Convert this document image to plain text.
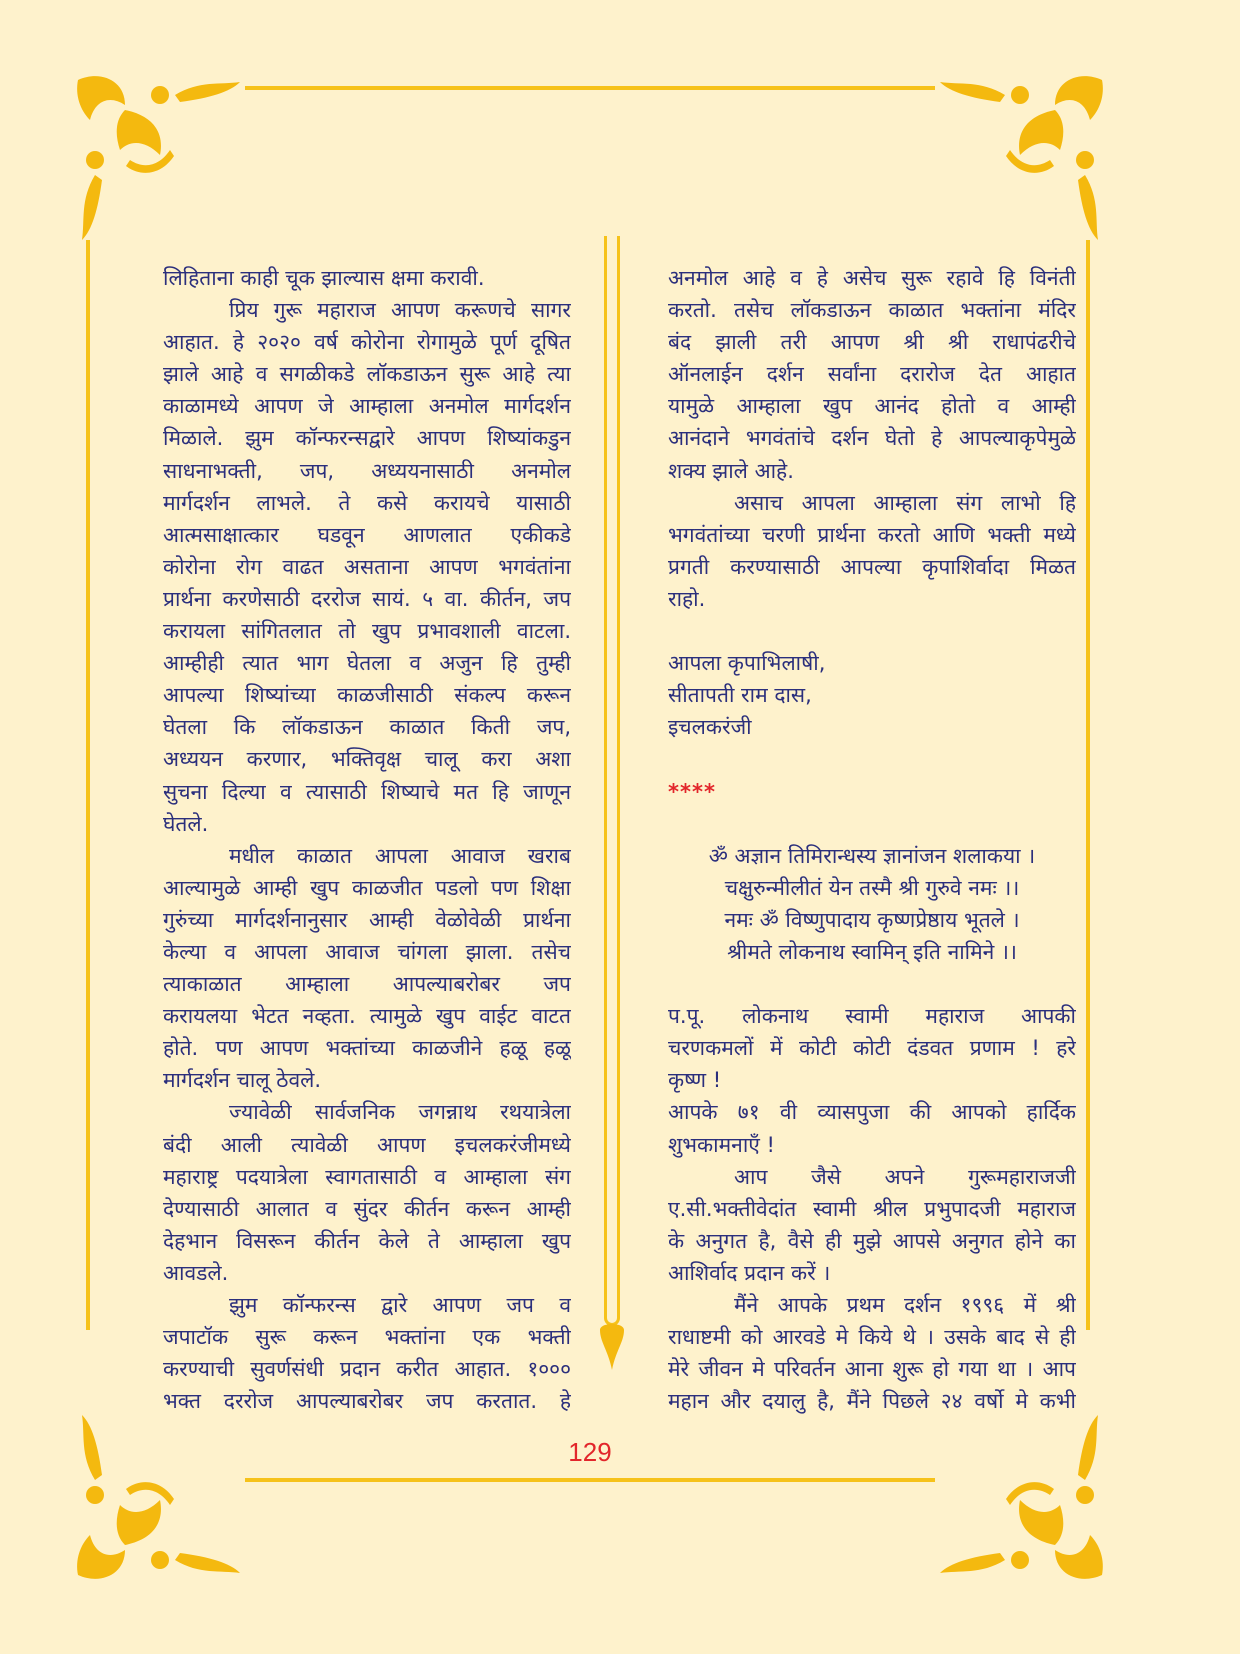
लिहिताना काही चूक झाल्यास क्षमा करावी.
प्रिय गुरू महाराज आपण करूणचे सागर
आहात. हे २०२० वर्ष कोरोना रोगामुळे पूर्ण दूषित
झाले आहे व सगळीकडे लॉकडाऊन सुरू आहे त्या
काळामध्ये आपण जे आम्हाला अनमोल मार्गदर्शन
मिळाले. झुम कॉन्फरन्सद्वारे आपण शिष्यांकडुन
साधनाभक्ती, जप, अध्ययनासाठी अनमोल
मार्गदर्शन लाभले. ते कसे करायचे यासाठी
आत्मसाक्षात्कार घडवून आणलात एकीकडे
कोरोना रोग वाढत असताना आपण भगवंतांना
प्रार्थना करणेसाठी दररोज सायं. ५ वा. कीर्तन, जप
करायला सांगितलात तो खुप प्रभावशाली वाटला.
आम्हीही त्यात भाग घेतला व अजुन हि तुम्ही
आपल्या शिष्यांच्या काळजीसाठी संकल्प करून
घेतला कि लॉकडाऊन काळात किती जप,
अध्ययन करणार, भक्तिवृक्ष चालू करा अशा
सुचना दिल्या व त्यासाठी शिष्याचे मत हि जाणून
घेतले.
मधील काळात आपला आवाज खराब
आल्यामुळे आम्ही खुप काळजीत पडलो पण शिक्षा
गुरुंच्या मार्गदर्शनानुसार आम्ही वेळोवेळी प्रार्थना
केल्या व आपला आवाज चांगला झाला. तसेच
त्याकाळात आम्हाला आपल्याबरोबर जप
करायलया भेटत नव्हता. त्यामुळे खुप वाईट वाटत
होते. पण आपण भक्तांच्या काळजीने हळू हळू
मार्गदर्शन चालू ठेवले.
ज्यावेळी सार्वजनिक जगन्नाथ रथयात्रेला
बंदी आली त्यावेळी आपण इचलकरंजीमध्ये
महाराष्ट्र पदयात्रेला स्वागतासाठी व आम्हाला संग
देण्यासाठी आलात व सुंदर कीर्तन करून आम्ही
देहभान विसरून कीर्तन केले ते आम्हाला खुप
आवडले.
झुम कॉन्फरन्स द्वारे आपण जप व
जपाटॉक सुरू करून भक्तांना एक भक्ती
करण्याची सुवर्णसंधी प्रदान करीत आहात. १०००
भक्त दररोज आपल्याबरोबर जप करतात. हे
अनमोल आहे व हे असेच सुरू रहावे हि विनंती
करतो. तसेच लॉकडाऊन काळात भक्तांना मंदिर
बंद झाली तरी आपण श्री श्री राधापंढरीचे
ऑनलाईन दर्शन सर्वांना दरारोज देत आहात
यामुळे आम्हाला खुप आनंद होतो व आम्ही
आनंदाने भगवंतांचे दर्शन घेतो हे आपल्याकृपेमुळे
शक्य झाले आहे.
असाच आपला आम्हाला संग लाभो हि
भगवंतांच्या चरणी प्रार्थना करतो आणि भक्ती मध्ये
प्रगती करण्यासाठी आपल्या कृपाशिर्वादा मिळत
राहो.
आपला कृपाभिलाषी,
सीतापती राम दास,
इचलकरंजी
****
ॐ अज्ञान तिमिरान्धस्य ज्ञानांजन शलाकया ।
चक्षुरुन्मीलीतं येन तस्मै श्री गुरुवे नमः ।।
नमः ॐ विष्णुपादाय कृष्णप्रेष्ठाय भूतले ।
श्रीमते लोकनाथ स्वामिन् इति नामिने ।।
प.पू. लोकनाथ स्वामी महाराज आपकी
चरणकमलों में कोटी कोटी दंडवत प्रणाम ! हरे
कृष्ण !
आपके ७१ वी व्यासपुजा की आपको हार्दिक
शुभकामनाएँ !
आप जैसे अपने गुरूमहाराजजी
ए.सी.भक्तीवेदांत स्वामी श्रील प्रभुपादजी महाराज
के अनुगत है, वैसे ही मुझे आपसे अनुगत होने का
आशिर्वाद प्रदान करें ।
मैंने आपके प्रथम दर्शन १९९६ में श्री
राधाष्टमी को आरवडे मे किये थे । उसके बाद से ही
मेरे जीवन मे परिवर्तन आना शुरू हो गया था । आप
महान और दयालु है, मैंने पिछले २४ वर्षो मे कभी
129
